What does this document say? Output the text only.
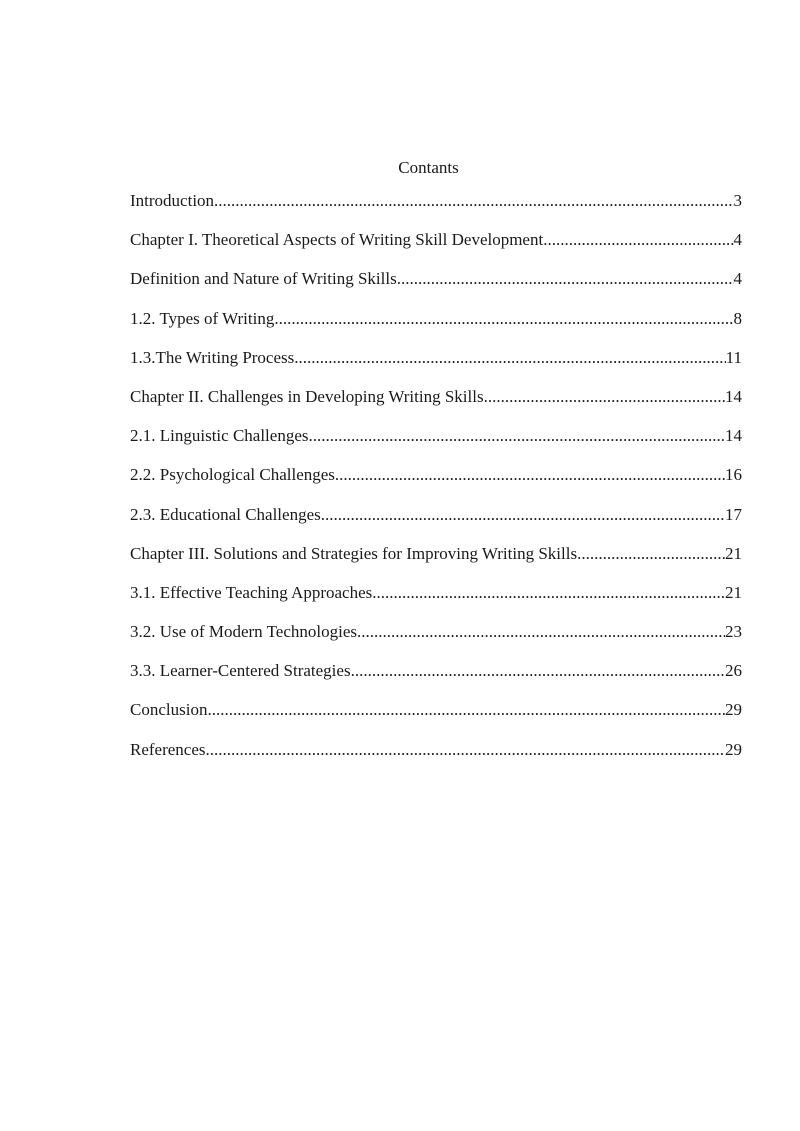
Contants
Introduction .....	3
Chapter I. Theoretical Aspects of Writing Skill Development .....	4
Definition and Nature of Writing Skills .....	4
1.2. Types of Writing .....	8
1.3.The Writing Process .....	11
Chapter II. Challenges in Developing Writing Skills .....	14
2.1. Linguistic Challenges .....	14
2.2. Psychological Challenges .....	16
2.3. Educational Challenges .....	17
Chapter III. Solutions and Strategies for Improving Writing Skills .....	21
3.1. Effective Teaching Approaches .....	21
3.2. Use of Modern Technologies .....	23
3.3. Learner-Centered Strategies .....	26
Conclusion .....	29
References .....	29
